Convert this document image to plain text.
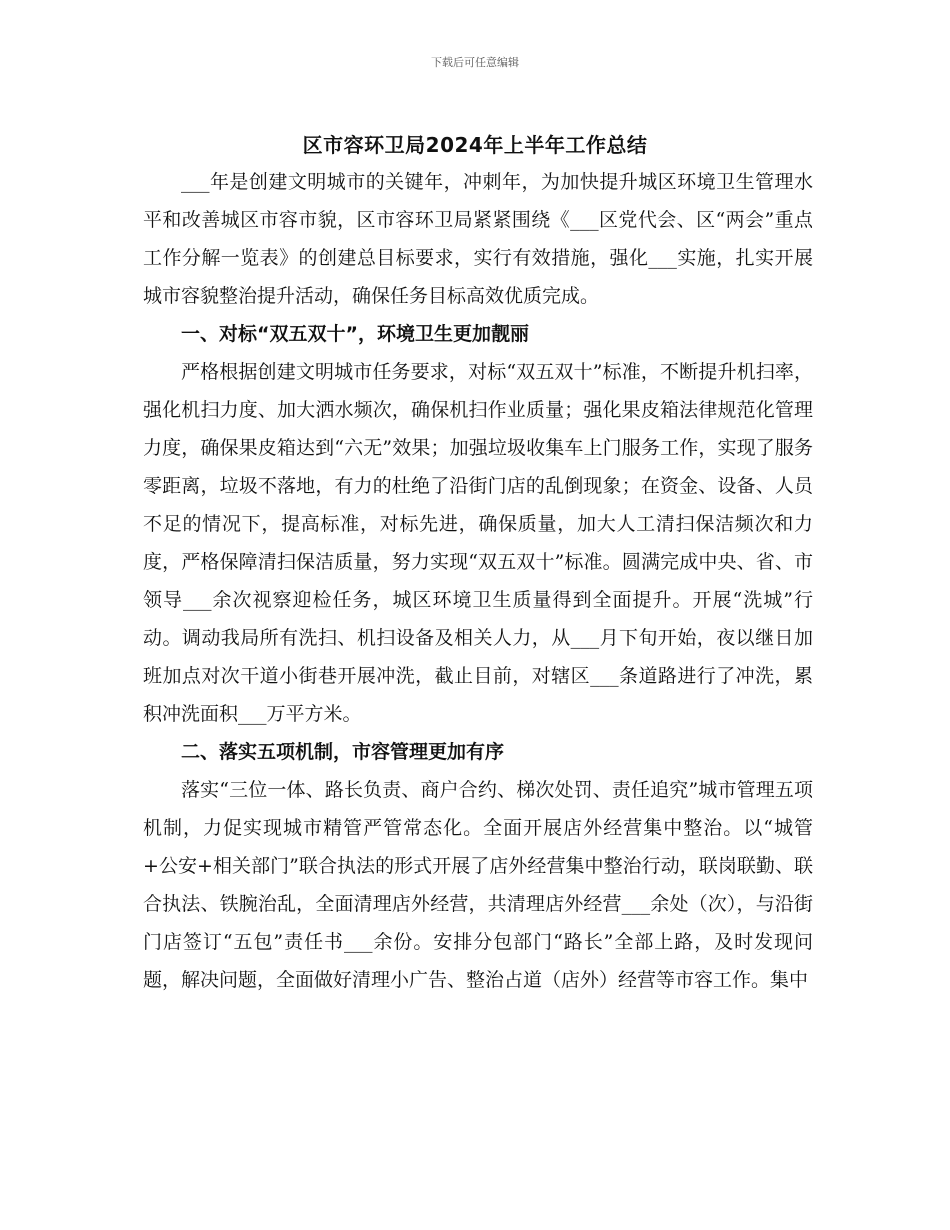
下载后可任意编辑
区市容环卫局2024年上半年工作总结

___年是创建文明城市的关键年，冲刺年，为加快提升城区环境卫生管理水平和改善城区市容市貌，区市容环卫局紧紧围绕《___区党代会、区“两会”重点工作分解一览表》的创建总目标要求，实行有效措施，强化___实施，扎实开展城市容貌整治提升活动，确保任务目标高效优质完成。

一、对标“双五双十”，环境卫生更加靓丽

严格根据创建文明城市任务要求，对标“双五双十”标准，不断提升机扫率，强化机扫力度、加大洒水频次，确保机扫作业质量；强化果皮箱法律规范化管理力度，确保果皮箱达到“六无”效果；加强垃圾收集车上门服务工作，实现了服务零距离，垃圾不落地，有力的杜绝了沿街门店的乱倒现象；在资金、设备、人员不足的情况下，提高标准，对标先进，确保质量，加大人工清扫保洁频次和力度，严格保障清扫保洁质量，努力实现“双五双十”标准。圆满完成中央、省、市领导___余次视察迎检任务，城区环境卫生质量得到全面提升。开展“洗城”行动。调动我局所有洗扫、机扫设备及相关人力，从___月下旬开始，夜以继日加班加点对次干道小街巷开展冲洗，截止目前，对辖区___条道路进行了冲洗，累积冲洗面积___万平方米。

二、落实五项机制，市容管理更加有序

落实“三位一体、路长负责、商户合约、梯次处罚、责任追究”城市管理五项机制，力促实现城市精管严管常态化。全面开展店外经营集中整治。以“城管+公安+相关部门”联合执法的形式开展了店外经营集中整治行动，联岗联勤、联合执法、铁腕治乱，全面清理店外经营，共清理店外经营___余处（次），与沿街门店签订“五包”责任书___余份。安排分包部门“路长”全部上路，及时发现问题，解决问题，全面做好清理小广告、整治占道（店外）经营等市容工作。集中
